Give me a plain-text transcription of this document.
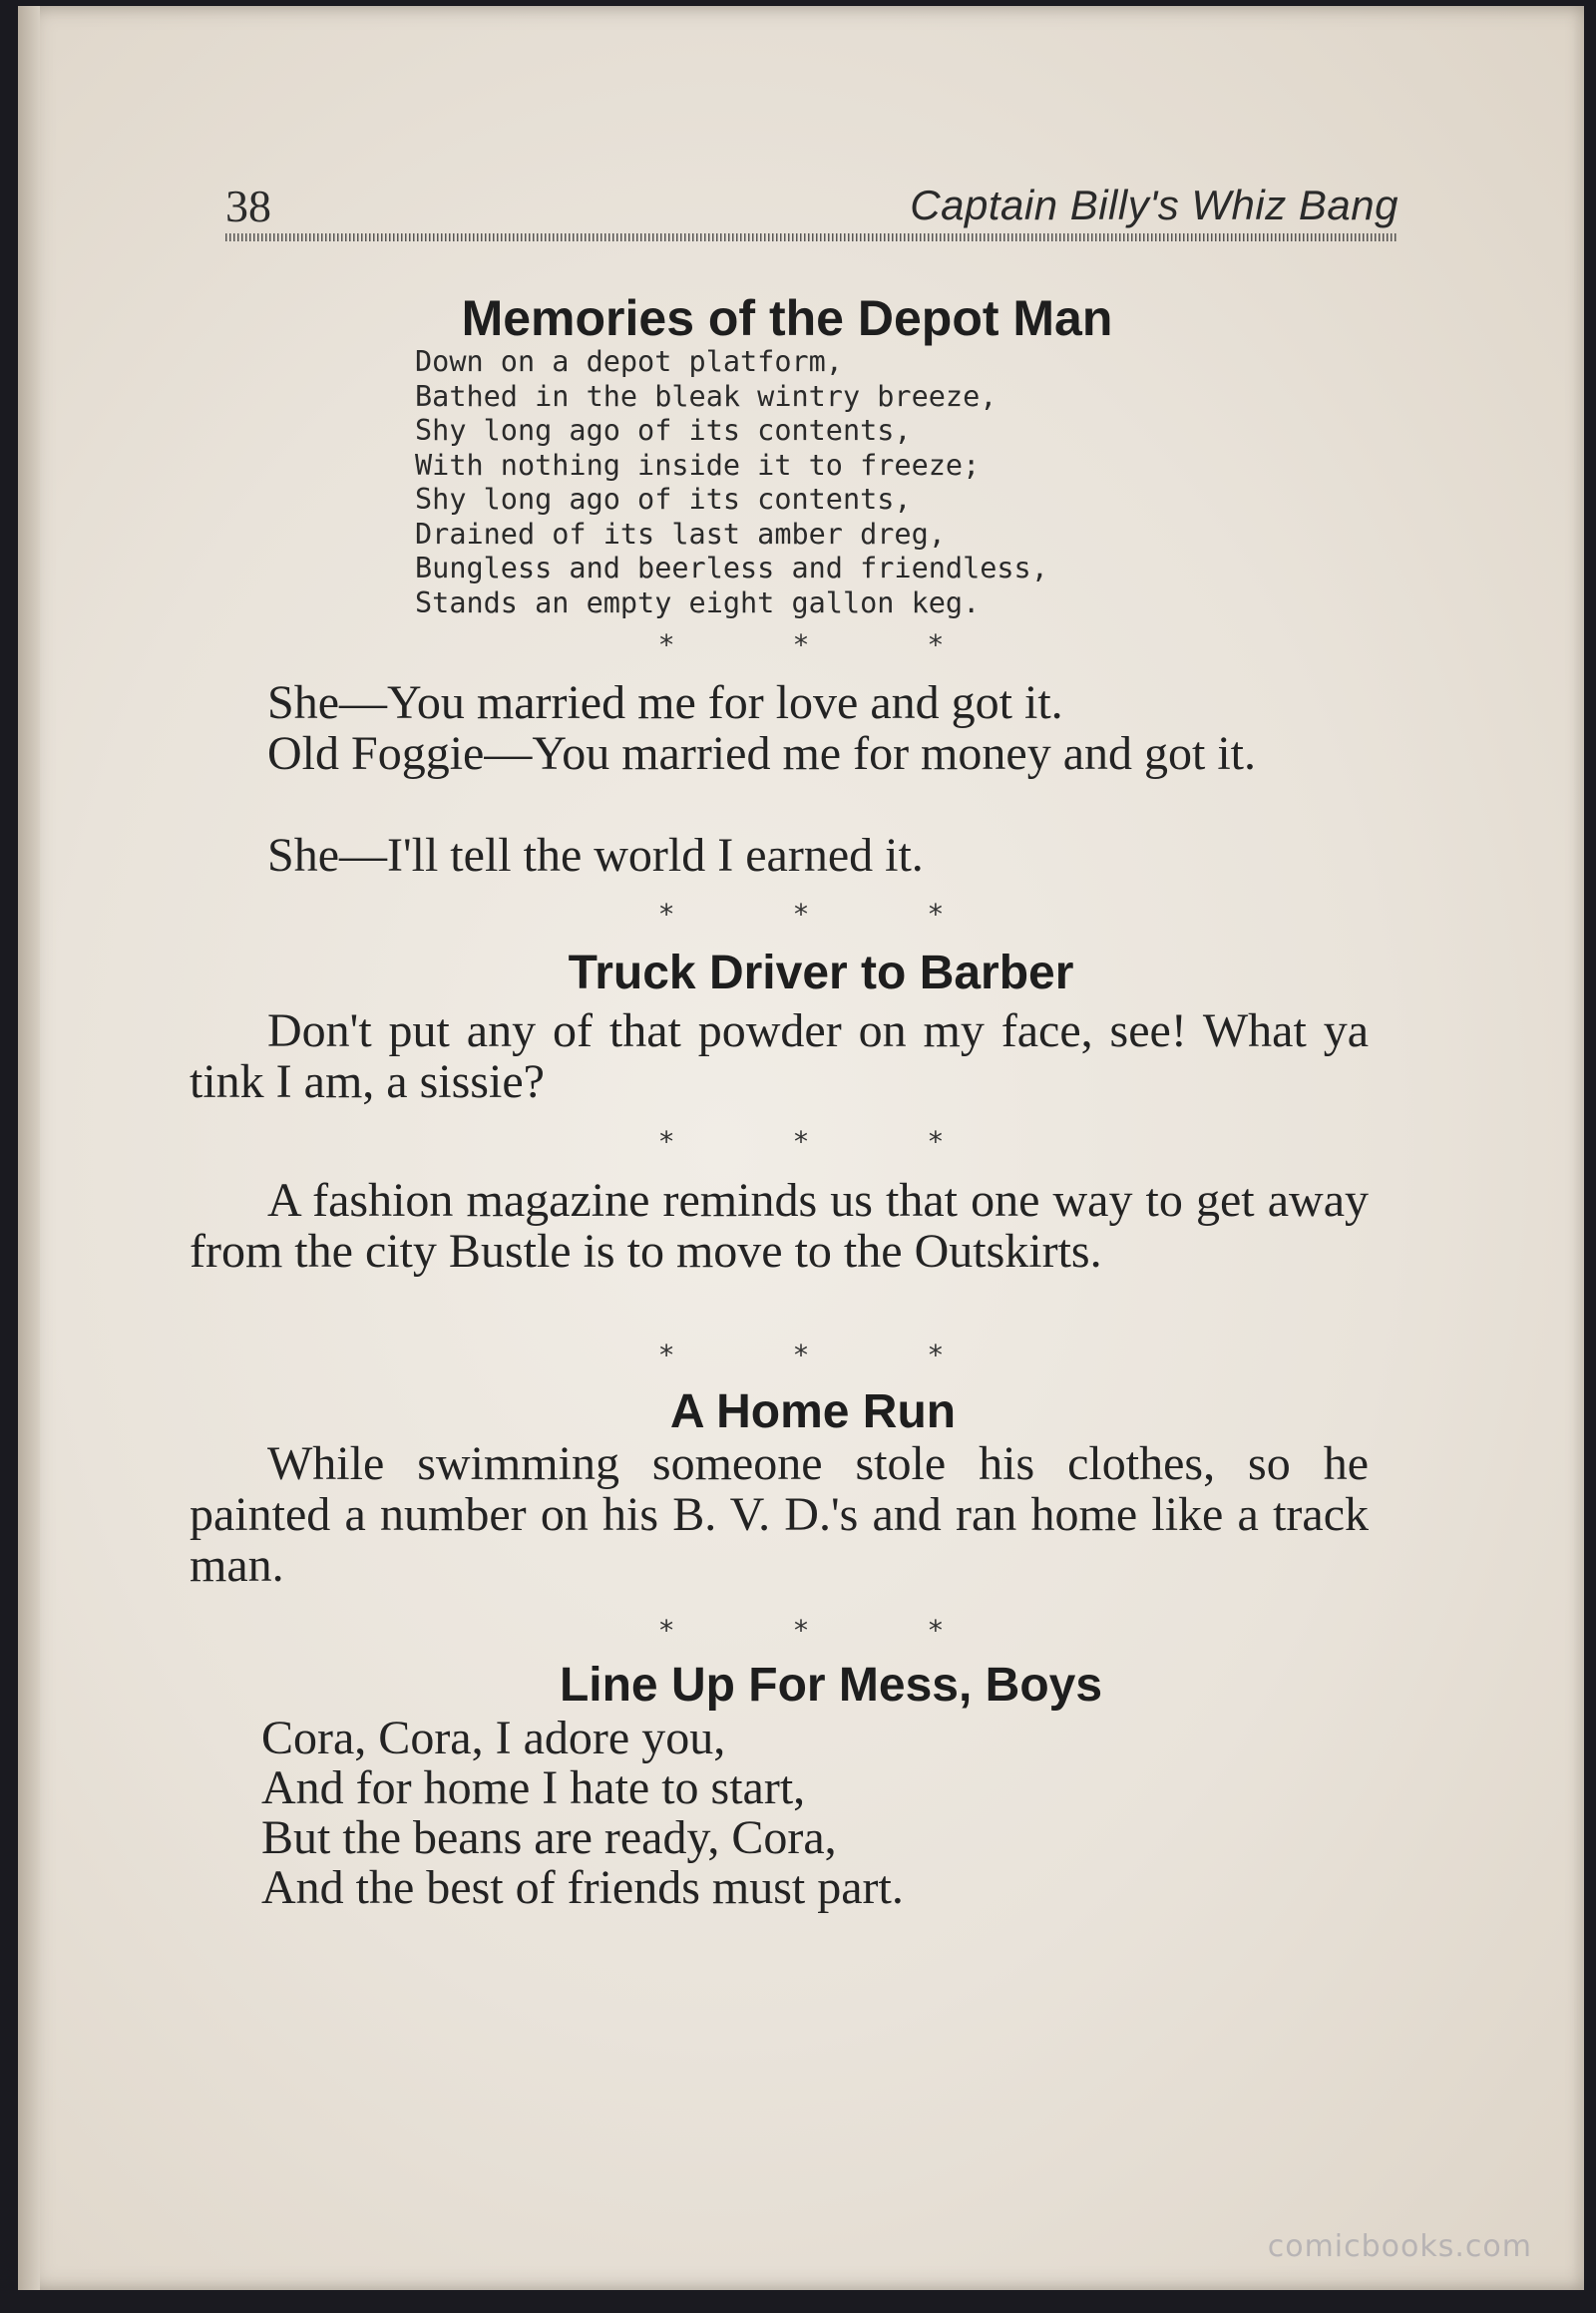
38	Captain Billy's Whiz Bang
Memories of the Depot Man
Down on a depot platform,
Bathed in the bleak wintry breeze,
Shy long ago of its contents,
With nothing inside it to freeze;
Shy long ago of its contents,
Drained of its last amber dreg,
Bungless and beerless and friendless,
Stands an empty eight gallon keg.
* * *

She—You married me for love and got it.

Old Foggie—You married me for money and got it.

She—I'll tell the world I earned it.

* * *
Truck Driver to Barber

Don't put any of that powder on my face, see! What ya tink I am, a sissie?

* * *

A fashion magazine reminds us that one way to get away from the city Bustle is to move to the Outskirts.

* * *
A Home Run

While swimming someone stole his clothes, so he painted a number on his B. V. D.'s and ran home like a track man.

* * *
Line Up For Mess, Boys
Cora, Cora, I adore you,
And for home I hate to start,
But the beans are ready, Cora,
And the best of friends must part.
comicbooks.com
